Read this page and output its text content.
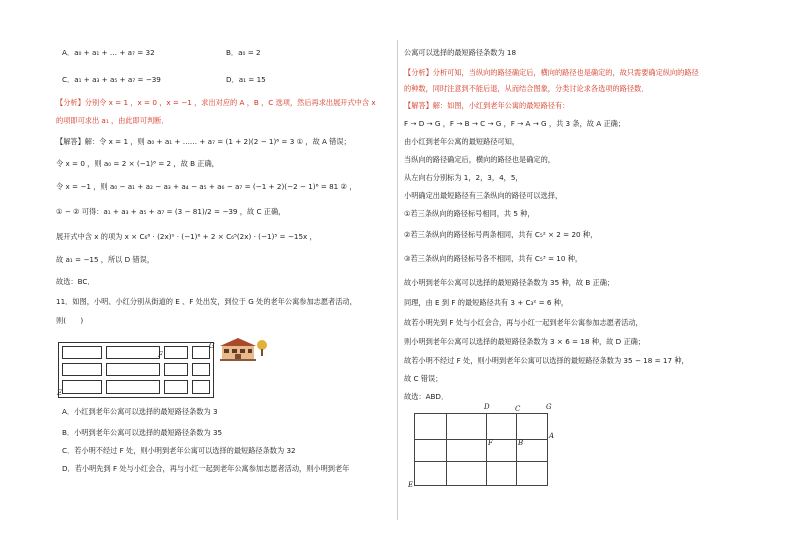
A．a₀ + a₁ + … + a₇ = 32	B．a₀ = 2
C．a₁ + a₃ + a₅ + a₇ = −39	D．a₁ = 15
【分析】分别令 x = 1 ，x = 0 ，x = −1 ，求出对应的 A ，B ，C 选项，然后再求出展开式中含 x
的项即可求出 a₁ ，由此即可判断．
【解答】解：令 x = 1 ，则 a₀ + a₁ + …… + a₇ = (1 + 2)(2 − 1)⁶ = 3 ① ，故 A 错误；
令 x = 0 ，则 a₀ = 2 × (−1)⁶ = 2 ，故 B 正确，
令 x = −1 ，则 a₀ − a₁ + a₂ − a₃ + a₄ − a₅ + a₆ − a₇ = (−1 + 2)(−2 − 1)⁶ = 81 ② ，
① − ② 可得：a₁ + a₃ + a₅ + a₇ = (3 − 81)/2 = −39 ，故 C 正确，
展开式中含 x 的项为 x × C₆⁶ · (2x)⁰ · (−1)⁶ + 2 × C₆⁵(2x) · (−1)⁵ = −15x ，
故 a₁ = −15 ，所以 D 错误，
故选：BC．
11．如图，小明、小红分别从街道的 E 、F 处出发，到位于 G 处的老年公寓参加志愿者活动，
则(　　)
F
G
E
A．小红到老年公寓可以选择的最短路径条数为 3
B．小明到老年公寓可以选择的最短路径条数为 35
C．若小明不经过 F 处，则小明到老年公寓可以选择的最短路径条数为 32
D．若小明先到 F 处与小红会合，再与小红一起到老年公寓参加志愿者活动，则小明到老年
公寓可以选择的最短路径条数为 18
【分析】分析可知，当纵向的路径确定后，横向的路径也是确定的，故只需要确定纵向的路径
的种数，同时注意到不能后退，从而结合图象，分类讨论求各选项的路径数．
【解答】解：如图，小红到老年公寓的最短路径有：
F → D → G ，F → B → C → G ，F → A → G ，共 3 条，故 A 正确；
由小红到老年公寓的最短路径可知，
当纵向的路径确定后，横向的路径也是确定的，
从左向右分别标为 1，2，3，4，5，
小明确定出最短路径有三条纵向的路径可以选择，
①若三条纵向的路径标号相同，共 5 种，
②若三条纵向的路径标号两条相同，共有 C₅² × 2 = 20 种，
③若三条纵向的路径标号各不相同，共有 C₅³ = 10 种，
故小明到老年公寓可以选择的最短路径条数为 35 种，故 B 正确；
同理，由 E 到 F 的最短路径共有 3 + C₃² = 6 种，
故若小明先到 F 处与小红会合，再与小红一起到老年公寓参加志愿者活动，
则小明到老年公寓可以选择的最短路径条数为 3 × 6 = 18 种，故 D 正确；
故若小明不经过 F 处，则小明到老年公寓可以选择的最短路径条数为 35 − 18 = 17 种，
故 C 错误；
故选：ABD．
D	C	G
A
F	B
E
